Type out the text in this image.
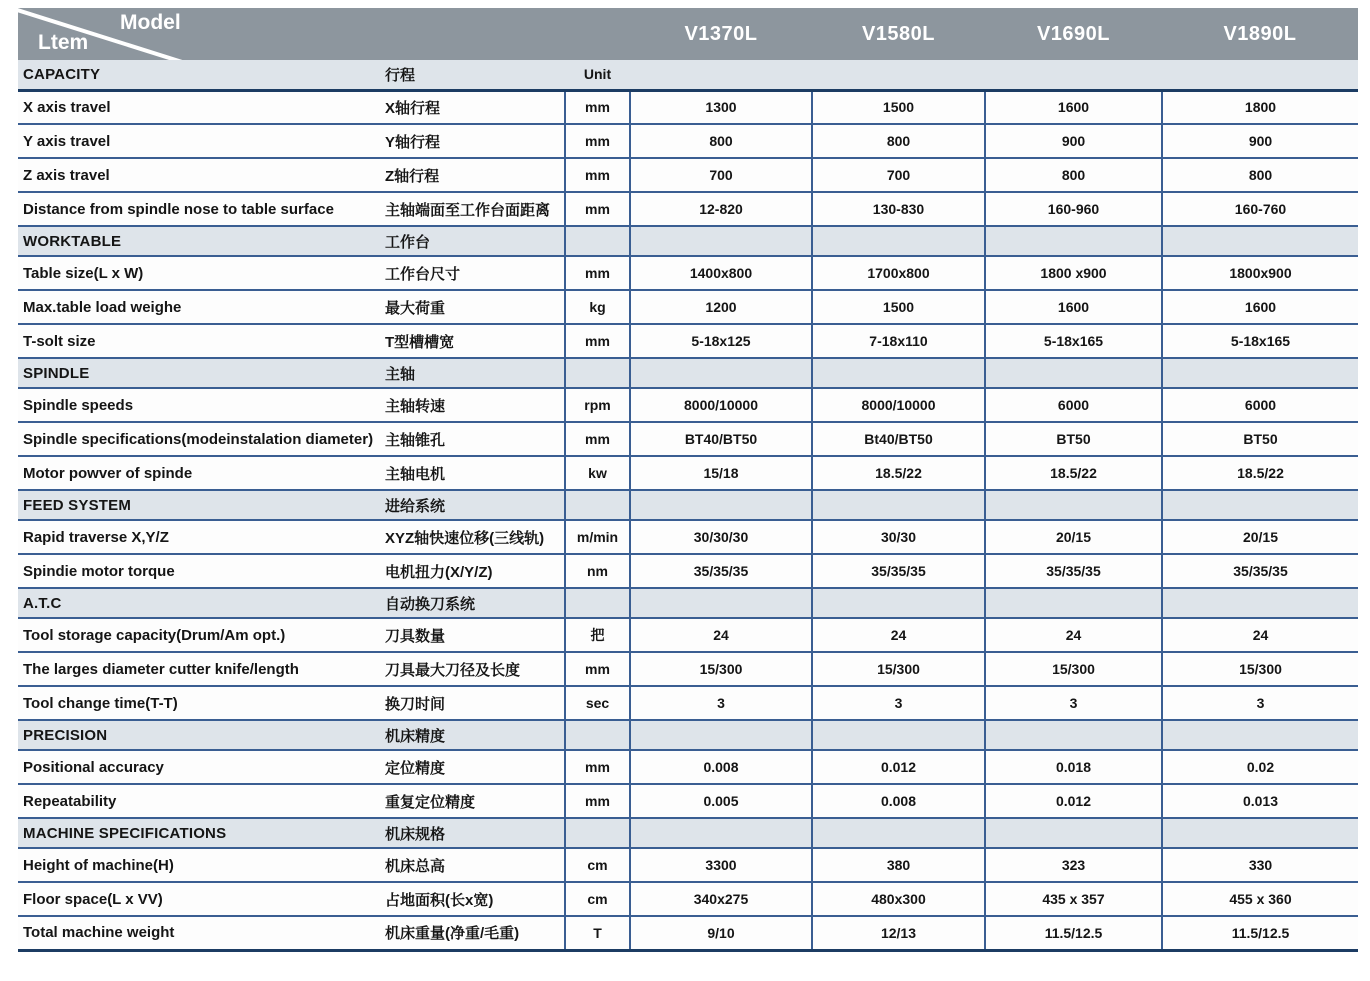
Model
Ltem			V1370L	V1580L	V1690L	V1890L
CAPACITY	行程	Unit				
X axis travel	X轴行程	mm	1300	1500	1600	1800
Y axis travel	Y轴行程	mm	800	800	900	900
Z axis travel	Z轴行程	mm	700	700	800	800
Distance from spindle nose to table surface	主轴端面至工作台面距离	mm	12-820	130-830	160-960	160-760
WORKTABLE	工作台					
Table size(L x W)	工作台尺寸	mm	1400x800	1700x800	1800 x900	1800x900
Max.table load weighe	最大荷重	kg	1200	1500	1600	1600
T-solt size	T型槽槽宽	mm	5-18x125	7-18x110	5-18x165	5-18x165
SPINDLE	主轴					
Spindle speeds	主轴转速	rpm	8000/10000	8000/10000	6000	6000
Spindle specifications(modeinstalation diameter)	主轴锥孔	mm	BT40/BT50	Bt40/BT50	BT50	BT50
Motor powver of spinde	主轴电机	kw	15/18	18.5/22	18.5/22	18.5/22
FEED SYSTEM	进给系统					
Rapid traverse X,Y/Z	XYZ轴快速位移(三线轨)	m/min	30/30/30	30/30	20/15	20/15
Spindie motor torque	电机扭力(X/Y/Z)	nm	35/35/35	35/35/35	35/35/35	35/35/35
A.T.C	自动换刀系统					
Tool storage capacity(Drum/Am opt.)	刀具数量	把	24	24	24	24
The larges diameter cutter knife/length	刀具最大刀径及长度	mm	15/300	15/300	15/300	15/300
Tool change time(T-T)	换刀时间	sec	3	3	3	3
PRECISION	机床精度					
Positional accuracy	定位精度	mm	0.008	0.012	0.018	0.02
Repeatability	重复定位精度	mm	0.005	0.008	0.012	0.013
MACHINE SPECIFICATIONS	机床规格					
Height of machine(H)	机床总高	cm	3300	380	323	330
Floor space(L x VV)	占地面积(长x宽)	cm	340x275	480x300	435 x 357	455 x 360
Total machine weight	机床重量(净重/毛重)	T	9/10	12/13	11.5/12.5	11.5/12.5
